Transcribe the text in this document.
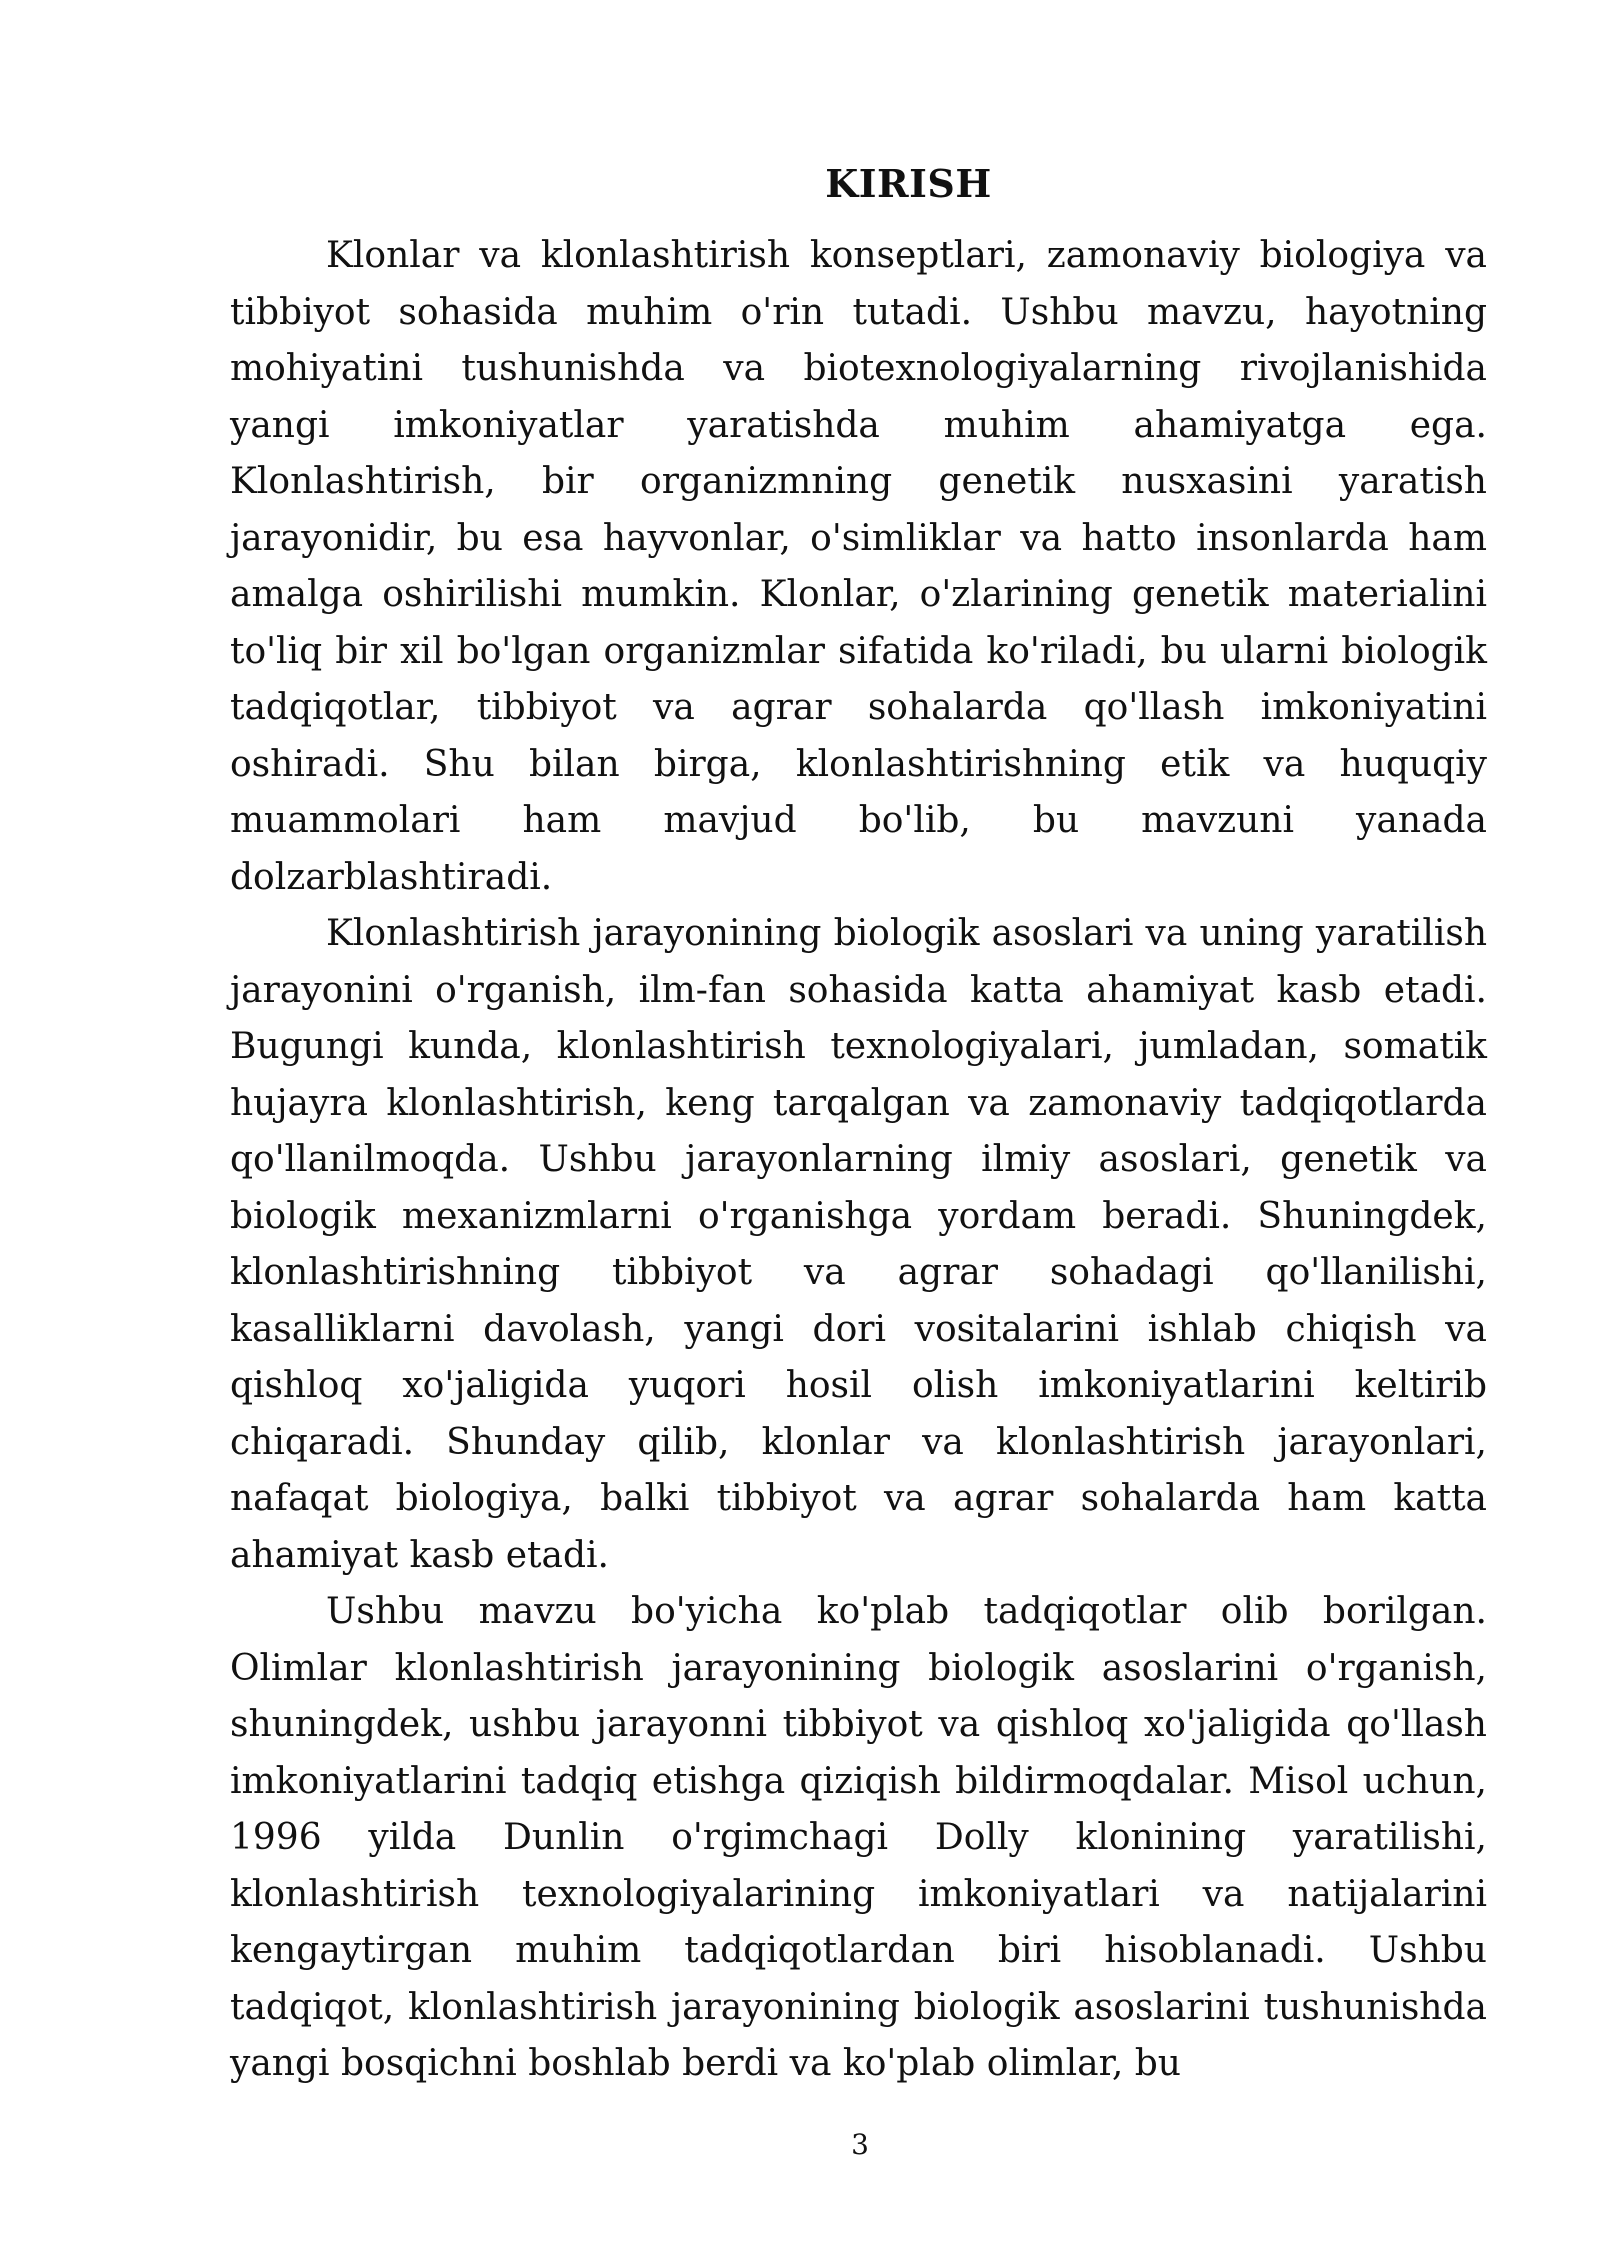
KIRISH

Klonlar va klonlashtirish konseptlari, zamonaviy biologiya va tibbiyot sohasida muhim o'rin tutadi. Ushbu mavzu, hayotning mohiyatini tushunishda va biotexnologiyalarning rivojlanishida yangi imkoniyatlar yaratishda muhim ahamiyatga ega. Klonlashtirish, bir organizmning genetik nusxasini yaratish jarayonidir, bu esa hayvonlar, o'simliklar va hatto insonlarda ham amalga oshirilishi mumkin. Klonlar, o'zlarining genetik materialini to'liq bir xil bo'lgan organizmlar sifatida ko'riladi, bu ularni biologik tadqiqotlar, tibbiyot va agrar sohalarda qo'llash imkoniyatini oshiradi. Shu bilan birga, klonlashtirishning etik va huquqiy muammolari ham mavjud bo'lib, bu mavzuni yanada dolzarblashtiradi.

Klonlashtirish jarayonining biologik asoslari va uning yaratilish jarayonini o'rganish, ilm-fan sohasida katta ahamiyat kasb etadi. Bugungi kunda, klonlashtirish texnologiyalari, jumladan, somatik hujayra klonlashtirish, keng tarqalgan va zamonaviy tadqiqotlarda qo'llanilmoqda. Ushbu jarayonlarning ilmiy asoslari, genetik va biologik mexanizmlarni o'rganishga yordam beradi. Shuningdek, klonlashtirishning tibbiyot va agrar sohadagi qo'llanilishi, kasalliklarni davolash, yangi dori vositalarini ishlab chiqish va qishloq xo'jaligida yuqori hosil olish imkoniyatlarini keltirib chiqaradi. Shunday qilib, klonlar va klonlashtirish jarayonlari, nafaqat biologiya, balki tibbiyot va agrar sohalarda ham katta ahamiyat kasb etadi.

Ushbu mavzu bo'yicha ko'plab tadqiqotlar olib borilgan. Olimlar klonlashtirish jarayonining biologik asoslarini o'rganish, shuningdek, ushbu jarayonni tibbiyot va qishloq xo'jaligida qo'llash imkoniyatlarini tadqiq etishga qiziqish bildirmoqdalar. Misol uchun, 1996 yilda Dunlin o'rgimchagi Dolly klonining yaratilishi, klonlashtirish texnologiyalarining imkoniyatlari va natijalarini kengaytirgan muhim tadqiqotlardan biri hisoblanadi. Ushbu tadqiqot, klonlashtirish jarayonining biologik asoslarini tushunishda yangi bosqichni boshlab berdi va ko'plab olimlar, bu

3
